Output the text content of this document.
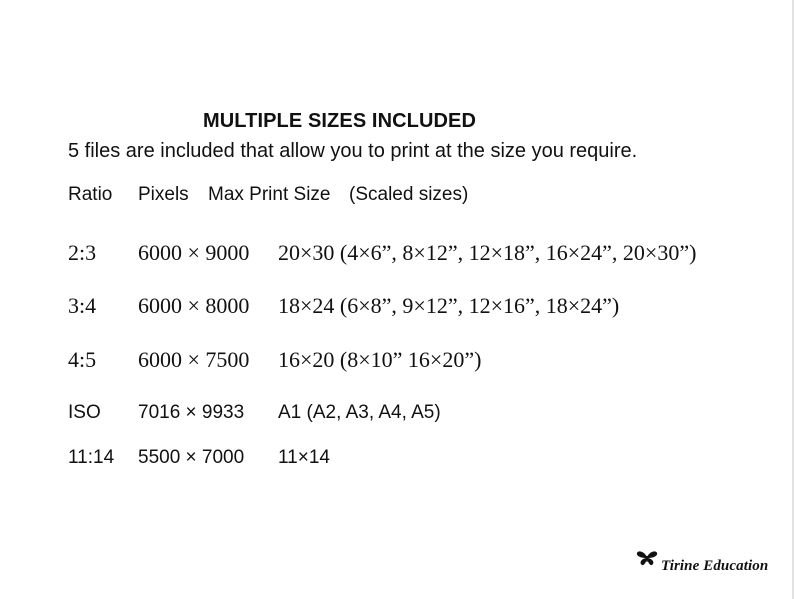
MULTIPLE SIZES INCLUDED
5 files are included that allow you to print at the size you require.
Ratio Pixels Max Print Size (Scaled sizes)
2:3 6000 × 9000 20×30 (4×6”, 8×12”, 12×18”, 16×24”, 20×30”)
3:4 6000 × 8000 18×24 (6×8”, 9×12”, 12×16”, 18×24”)
4:5 6000 × 7500 16×20 (8×10” 16×20”)
ISO 7016 × 9933 A1 (A2, A3, A4, A5)
11:14 5500 × 7000 11×14
Tirine Education
